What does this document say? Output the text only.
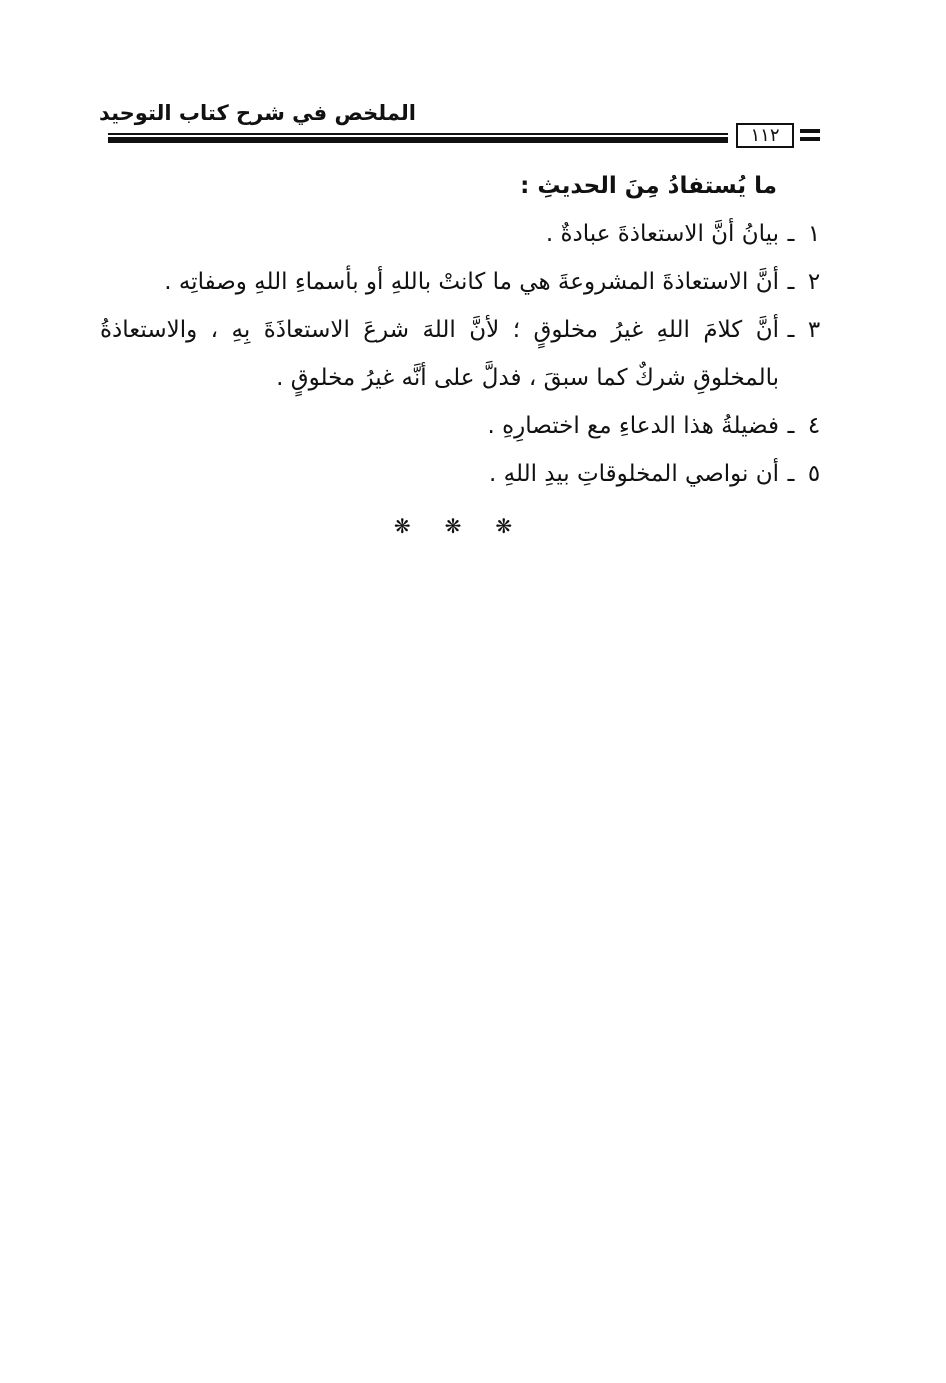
الملخص في شرح كتاب التوحيد
١١٢

ما يُستفادُ مِنَ الحديثِ :

١
ـ
بيانُ أنَّ الاستعاذةَ عبادةٌ .
٢
ـ
أنَّ الاستعاذةَ المشروعةَ هي ما كانتْ باللهِ أو بأسماءِ اللهِ وصفاتِه .
٣
ـ
أنَّ كلامَ اللهِ غيرُ مخلوقٍ ؛ لأنَّ اللهَ شرعَ الاستعاذَةَ بِهِ ، والاستعاذةُ بالمخلوقِ شركٌ كما سبقَ ، فدلَّ على أنَّه غيرُ مخلوقٍ .
٤
ـ
فضيلةُ هذا الدعاءِ مع اختصارِهِ .
٥
ـ
أن نواصي المخلوقاتِ بيدِ اللهِ .
❋❋❋
